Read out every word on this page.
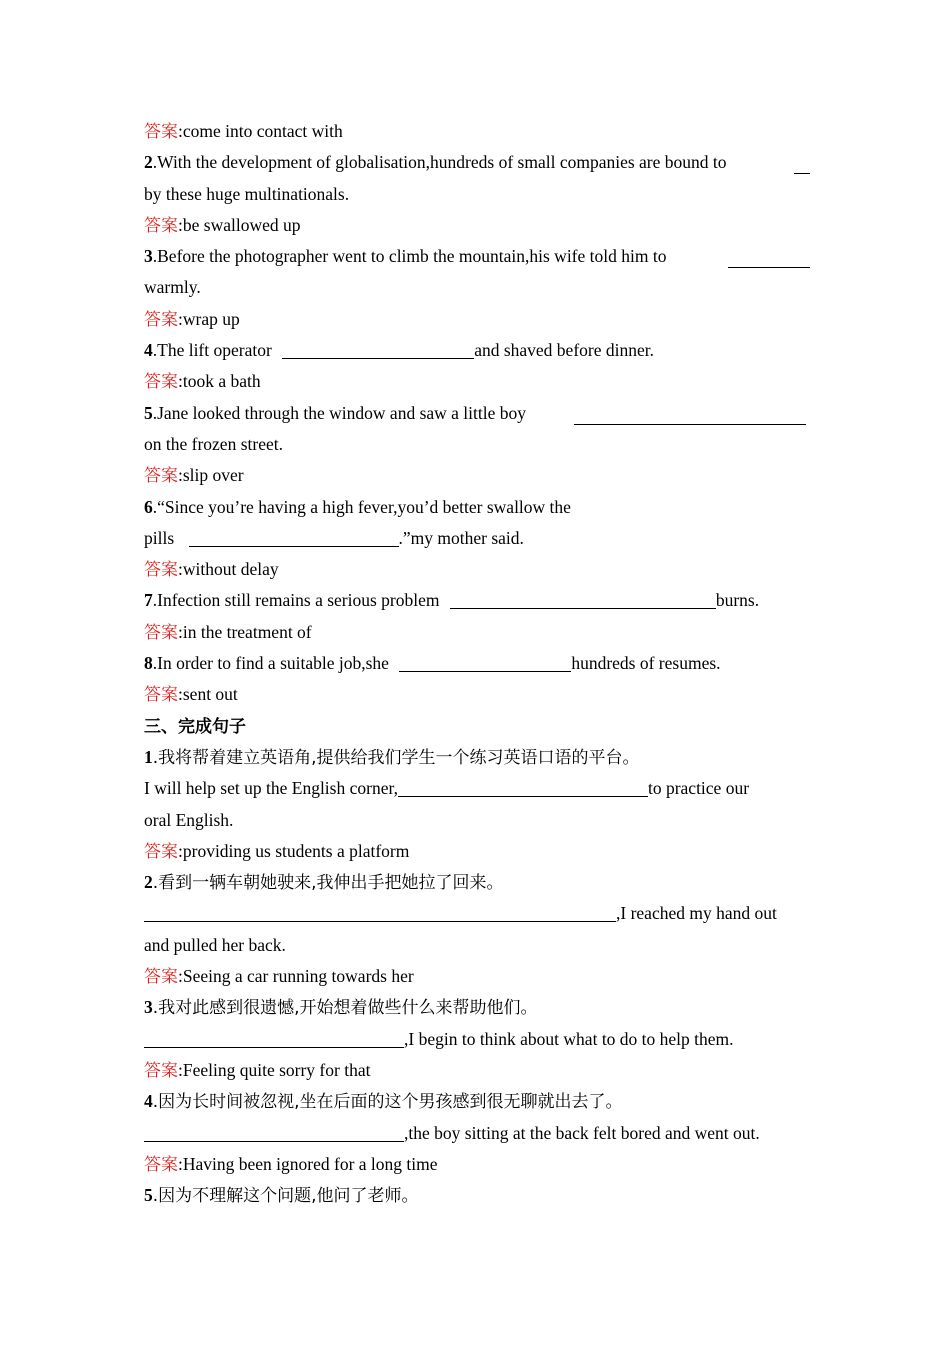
答案:come into contact with
2.With the development of globalisation,hundreds of small companies are bound to
by these huge multinationals.
答案:be swallowed up
3.Before the photographer went to climb the mountain,his wife told him to
warmly.
答案:wrap up
4.The lift operator	and shaved before dinner.
答案:took a bath
5.Jane looked through the window and saw a little boy
on the frozen street.
答案:slip over
6.“Since you’re having a high fever,you’d better swallow the
pills	.”my mother said.
答案:without delay
7.Infection still remains a serious problem	burns.
答案:in the treatment of
8.In order to find a suitable job,she	hundreds of resumes.
答案:sent out
三、完成句子
1.我将帮着建立英语角,提供给我们学生一个练习英语口语的平台。
I will help set up the English corner,	to practice our
oral English.
答案:providing us students a platform
2.看到一辆车朝她驶来,我伸出手把她拉了回来。
,I reached my hand out
and pulled her back.
答案:Seeing a car running towards her
3.我对此感到很遗憾,开始想着做些什么来帮助他们。
,I begin to think about what to do to help them.
答案:Feeling quite sorry for that
4.因为长时间被忽视,坐在后面的这个男孩感到很无聊就出去了。
,the boy sitting at the back felt bored and went out.
答案:Having been ignored for a long time
5.因为不理解这个问题,他问了老师。
